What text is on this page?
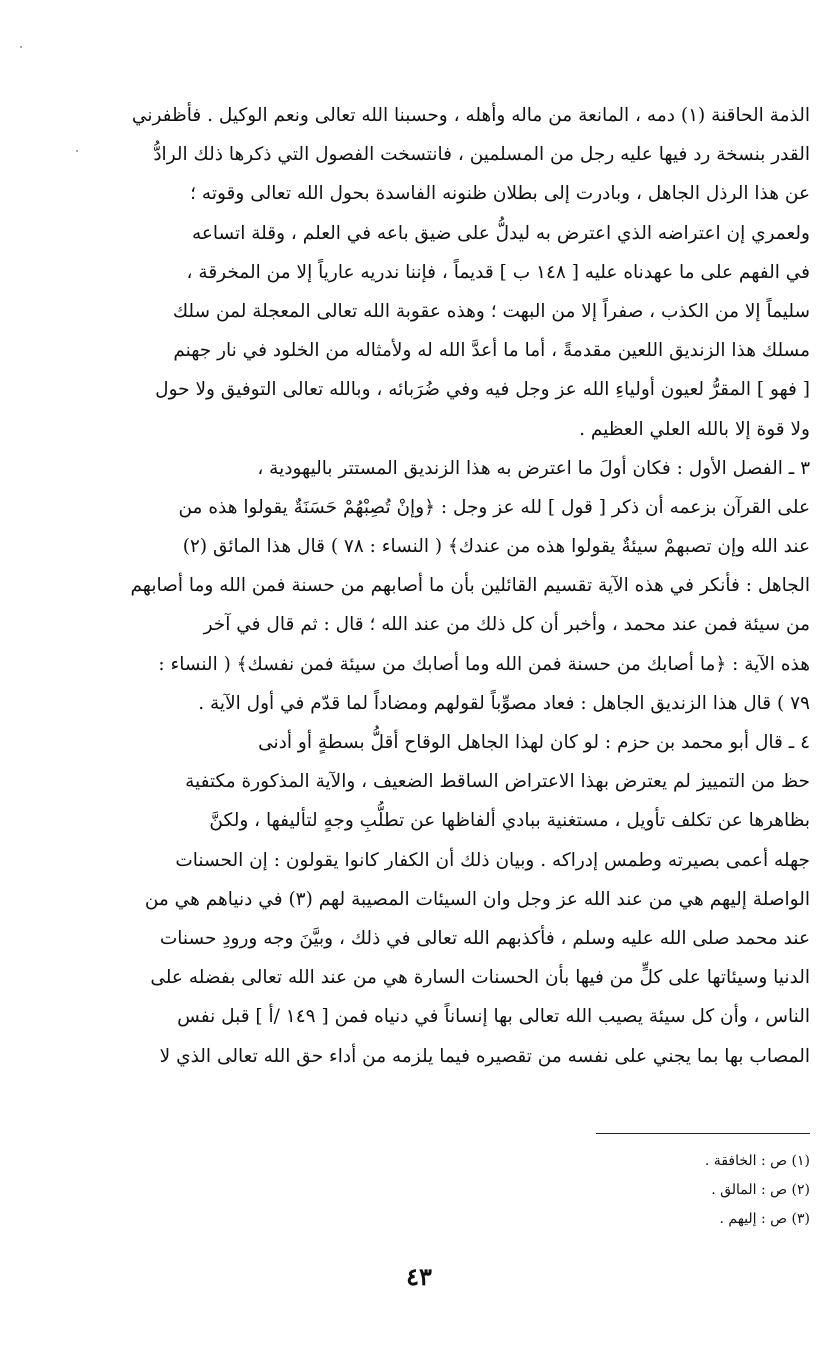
الذمة الحاقنة (١) دمه ، المانعة من ماله وأهله ، وحسبنا الله تعالى ونعم الوكيل . فأظفرني
القدر بنسخة رد فيها عليه رجل من المسلمين ، فانتسخت الفصول التي ذكرها ذلك الرادُّ
عن هذا الرذل الجاهل ، وبادرت إلى بطلان ظنونه الفاسدة بحول الله تعالى وقوته ؛
ولعمري إن اعتراضه الذي اعترض به ليدلُّ على ضيق باعه في العلم ، وقلة اتساعه
في الفهم على ما عهدناه عليه [ ١٤٨ ب ] قديماً ، فإننا ندريه عارياً إلا من المخرقة ،
سليماً إلا من الكذب ، صفراً إلا من البهت ؛ وهذه عقوبة الله تعالى المعجلة لمن سلك
مسلك هذا الزنديق اللعين مقدمةً ، أما ما أعدَّ الله له ولأمثاله من الخلود في نار جهنم
[ فهو ] المقرُّ لعيون أولياءِ الله عز وجل فيه وفي ضُرَبائه ، وبالله تعالى التوفيق ولا حول
ولا قوة إلا بالله العلي العظيم .
٣ ـ الفصل الأول : فكان أولَ ما اعترض به هذا الزنديق المستتر باليهودية ،
على القرآن بزعمه أن ذكر [ قول ] لله عز وجل : ﴿وإنْ تُصِبْهُمْ حَسَنَةٌ يقولوا هذه من
عند الله وإن تصبهمْ سيئةٌ يقولوا هذه من عندك﴾ ( النساء : ٧٨ ) قال هذا المائق (٢)
الجاهل : فأنكر في هذه الآية تقسيم القائلين بأن ما أصابهم من حسنة فمن الله وما أصابهم
من سيئة فمن عند محمد ، وأخبر أن كل ذلك من عند الله ؛ قال : ثم قال في آخر
هذه الآية : ﴿ما أصابك من حسنة فمن الله وما أصابك من سيئة فمن نفسك﴾ ( النساء :
٧٩ ) قال هذا الزنديق الجاهل : فعاد مصوِّباً لقولهم ومضاداً لما قدّم في أول الآية .
٤ ـ قال أبو محمد بن حزم : لو كان لهذا الجاهل الوقاح أقلُّ بسطةٍ أو أدنى
حظ من التمييز لم يعترض بهذا الاعتراض الساقط الضعيف ، والآية المذكورة مكتفية
بظاهرها عن تكلف تأويل ، مستغنية ببادي ألفاظها عن تطلُّبِ وجهٍ لتأليفها ، ولكنَّ
جهله أعمى بصيرته وطمس إدراكه . وبيان ذلك أن الكفار كانوا يقولون : إن الحسنات
الواصلة إليهم هي من عند الله عز وجل وان السيئات المصيبة لهم (٣) في دنياهم هي من
عند محمد صلى الله عليه وسلم ، فأكذبهم الله تعالى في ذلك ، وبيَّنَ وجه ورودِ حسنات
الدنيا وسيئاتها على كلٍّ من فيها بأن الحسنات السارة هي من عند الله تعالى بفضله على
الناس ، وأن كل سيئة يصيب الله تعالى بها إنساناً في دنياه فمن [ ١٤٩ /أ ] قبل نفس
المصاب بها بما يجني على نفسه من تقصيره فيما يلزمه من أداء حق الله تعالى الذي لا
(١) ص : الخافقة .
(٢) ص : المالق .
(٣) ص : إليهم .
٤٣
